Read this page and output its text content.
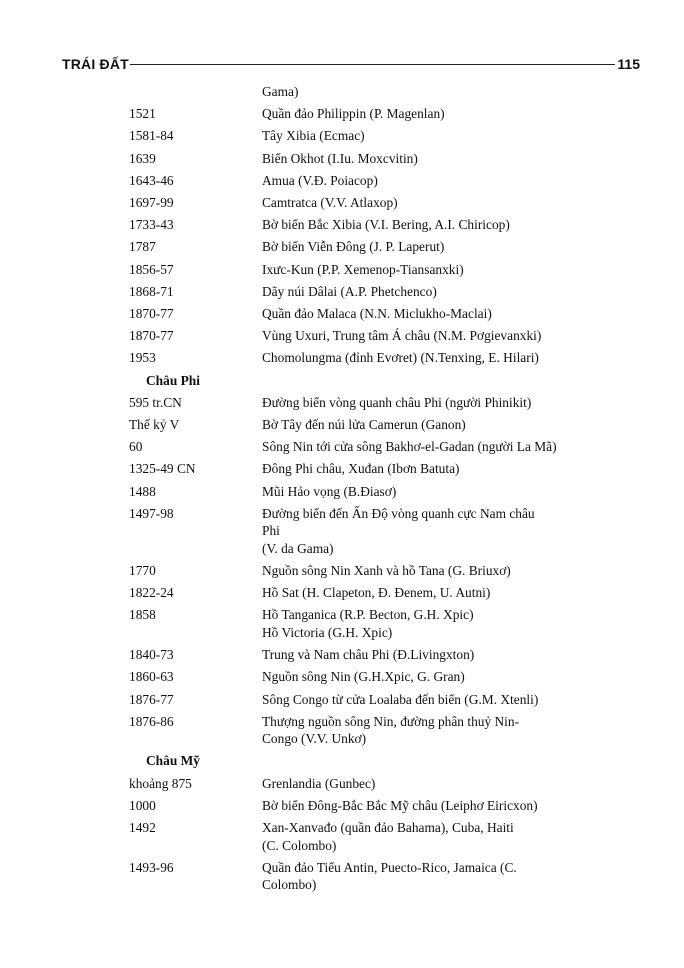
TRÁI ĐẤT	115
Gama)
1521	Quần đảo Philippin (P. Magenlan)
1581-84	Tây Xibia (Ecmac)
1639	Biển Okhot (I.Iu. Moxcvitin)
1643-46	Amua (V.Đ. Poiacop)
1697-99	Camtratca (V.V. Atlaxop)
1733-43	Bờ biển Bắc Xibia (V.I. Bering, A.I. Chiricop)
1787	Bờ biển Viễn Đông (J. P. Laperut)
1856-57	Ixưc-Kun (P.P. Xemenop-Tiansanxki)
1868-71	Dãy núi Dâlai (A.P. Phetchenco)
1870-77	Quần đảo Malaca (N.N. Miclukho-Maclai)
1870-77	Vùng Uxuri, Trung tâm Á châu (N.M. Pơgievanxki)
1953	Chomolungma (đỉnh Evơret) (N.Tenxing, E. Hilari)
Châu Phi
595 tr.CN	Đường biển vòng quanh châu Phi (người Phinikit)
Thế kỷ V	Bờ Tây đến núi lửa Camerun (Ganon)
60	Sông Nin tới cửa sông Bakhơ-el-Gadan (người La Mã)
1325-49 CN	Đông Phi châu, Xuđan (Ibơn Batuta)
1488	Mũi Hảo vọng (B.Điasơ)
1497-98	Đường biển đến Ấn Độ vòng quanh cực Nam châu
Phi
(V. da Gama)
1770	Nguồn sông Nin Xanh và hồ Tana (G. Briuxơ)
1822-24	Hồ Sat (H. Clapeton, Đ. Đenem, U. Autni)
1858	Hồ Tanganica (R.P. Becton, G.H. Xpic)
Hồ Victoria (G.H. Xpic)
1840-73	Trung và Nam châu Phi (Đ.Livingxton)
1860-63	Nguồn sông Nin (G.H.Xpic, G. Gran)
1876-77	Sông Congo từ cửa Loalaba đến biển (G.M. Xtenli)
1876-86	Thượng nguồn sông Nin, đường phân thuỷ Nin-
Congo (V.V. Unkơ)
Châu Mỹ
khoảng 875	Grenlandia (Gunbec)
1000	Bờ biển Đông-Bắc Bắc Mỹ châu (Leiphơ Eiricxon)
1492	Xan-Xanvađo (quần đảo Bahama), Cuba, Haiti
(C. Colombo)
1493-96	Quần đảo Tiểu Antin, Puecto-Rico, Jamaica (C.
Colombo)
